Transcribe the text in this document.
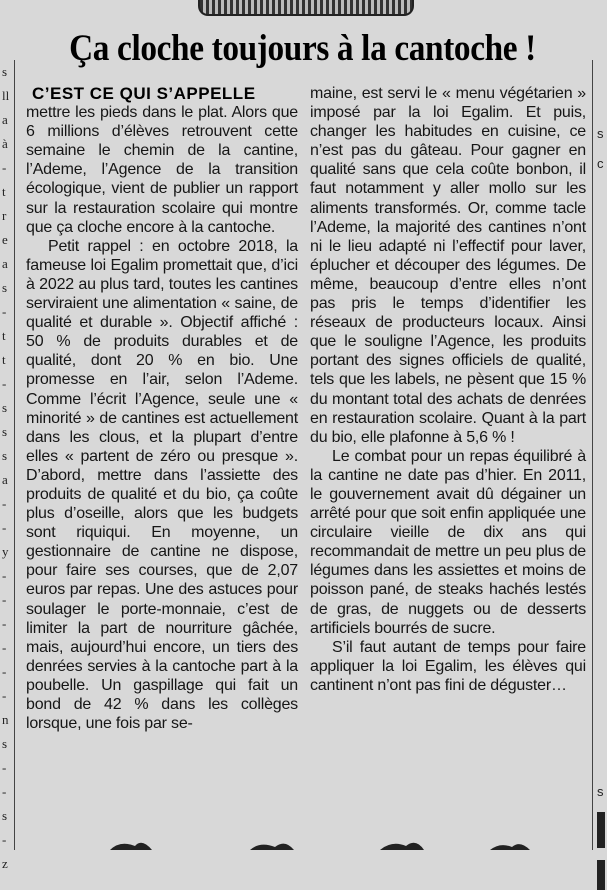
s
ll
a
à
-
t
r
e
a
s
-
t
t
-
s
s
s
a
-
-
y
-
-
-
-
-
-
n
s
-
-
s
-
z
s
c
s
Ça cloche toujours à la cantoche !
C’EST CE QUI S’APPELLE

mettre les pieds dans le plat. Alors que 6 millions d’élèves retrouvent cette semaine le chemin de la cantine, l’Ademe, l’Agence de la transition écologique, vient de publier un rapport sur la restauration scolaire qui montre que ça cloche encore à la cantoche.

Petit rappel : en octobre 2018, la fameuse loi Egalim promettait que, d’ici à 2022 au plus tard, toutes les cantines serviraient une alimentation « saine, de qualité et durable ». Objectif affiché : 50 % de produits durables et de qualité, dont 20 % en bio. Une promesse en l’air, selon l’Ademe. Comme l’écrit l’Agence, seule une « minorité » de cantines est actuellement dans les clous, et la plupart d’entre elles « partent de zéro ou presque ». D’abord, mettre dans l’assiette des produits de qualité et du bio, ça coûte plus d’oseille, alors que les budgets sont riquiqui. En moyenne, un gestionnaire de cantine ne dispose, pour faire ses courses, que de 2,07 euros par repas. Une des astuces pour soulager le porte-monnaie, c’est de limiter la part de nourriture gâchée, mais, aujourd’hui encore, un tiers des denrées servies à la cantoche part à la poubelle. Un gaspillage qui fait un bond de 42 % dans les collèges lorsque, une fois par se-

maine, est servi le « menu végétarien » imposé par la loi Egalim. Et puis, changer les habitudes en cuisine, ce n’est pas du gâteau. Pour gagner en qualité sans que cela coûte bonbon, il faut notamment y aller mollo sur les aliments transformés. Or, comme tacle l’Ademe, la majorité des cantines n’ont ni le lieu adapté ni l’effectif pour laver, éplucher et découper des légumes. De même, beaucoup d’entre elles n’ont pas pris le temps d’identifier les réseaux de producteurs locaux. Ainsi que le souligne l’Agence, les produits portant des signes officiels de qualité, tels que les labels, ne pèsent que 15 % du montant total des achats de denrées en restauration scolaire. Quant à la part du bio, elle plafonne à 5,6 % !

Le combat pour un repas équilibré à la cantine ne date pas d’hier. En 2011, le gouvernement avait dû dégainer un arrêté pour que soit enfin appliquée une circulaire vieille de dix ans qui recommandait de mettre un peu plus de légumes dans les assiettes et moins de poisson pané, de steaks hachés lestés de gras, de nuggets ou de desserts artificiels bourrés de sucre.

S’il faut autant de temps pour faire appliquer la loi Egalim, les élèves qui cantinent n’ont pas fini de déguster…
